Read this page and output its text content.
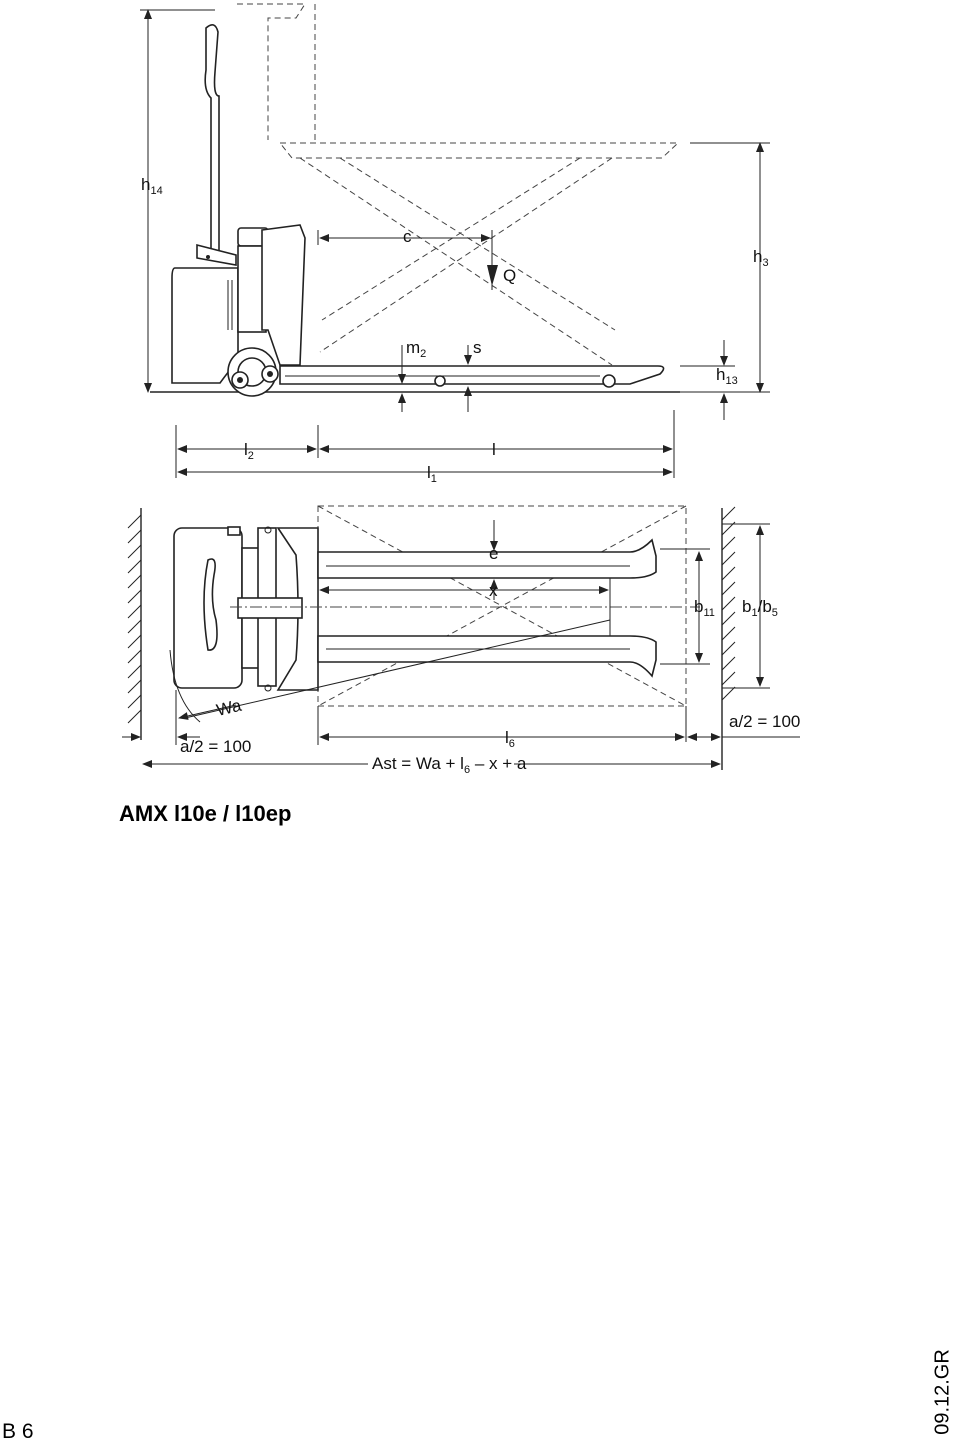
$h_{14}$
c
Q
$h_3$
$h_{13}$
$m_2$	s
$l_2$	l
$l_1$
e
x
$b_{11}$ $b_1/b_5$
Wa
a/2 = 100
a/2 = 100
$l_6$
Ast = $Wa + l_6 - x + a$
AMX l10e / l10ep
B 6	09.12.GR
